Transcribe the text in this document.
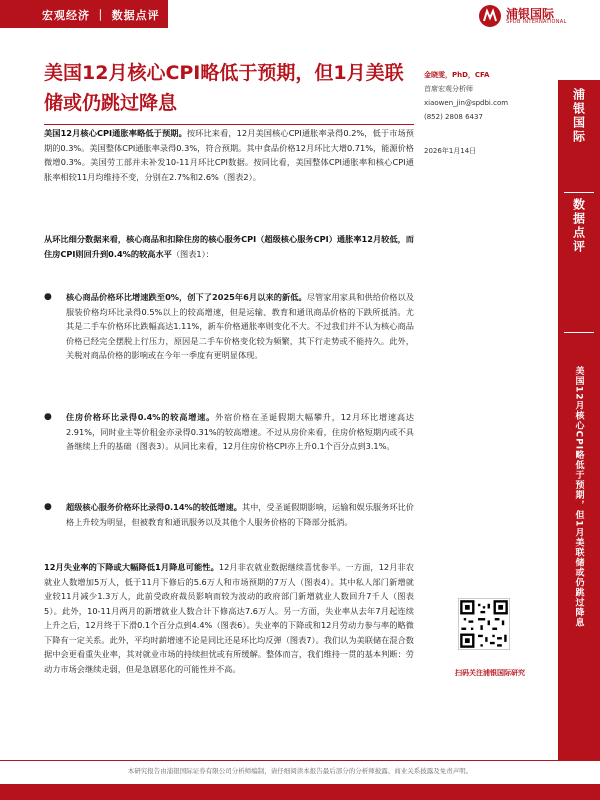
宏观经济 ｜ 数据点评	浦银国际
SPDB INTERNATIONAL
美国12月核心CPI略低于预期，但1月美联储或仍跳过降息
金晓雯，PhD，CFA
首席宏观分析师
xiaowen_jin@spdbi.com
(852) 2808 6437
2026年1月14日
美国12月核心CPI通胀率略低于预期。按环比来看，12月美国核心CPI通胀率录得0.2%，低于市场预期的0.3%。美国整体CPI通胀率录得0.3%，符合预期。其中食品价格12月环比大增0.71%，能源价格微增0.3%。美国劳工部并未补发10-11月环比CPI数据。按同比看，美国整体CPI通胀率和核心CPI通胀率相较11月均维持不变，分别在2.7%和2.6%（图表2）。
从环比细分数据来看，核心商品和扣除住房的核心服务CPI（超级核心服务CPI）通胀率12月较低，而住房CPI则回升到0.4%的较高水平（图表1）：
● 核心商品价格环比增速跌至0%，创下了2025年6月以来的新低。尽管家用家具和供给价格以及服装价格均环比录得0.5%以上的较高增速，但是运输、教育和通讯商品价格的下跌所抵消。尤其是二手车价格环比跌幅高达1.11%，新车价格通胀率则变化不大。不过我们并不认为核心商品价格已经完全摆脱上行压力，原因是二手车价格变化较为频繁，其下行走势或不能持久。此外，关税对商品价格的影响或在今年一季度有更明显体现。
● 住房价格环比录得0.4%的较高增速。外宿价格在圣诞假期大幅攀升，12月环比增速高达2.91%，同时业主等价租金亦录得0.31%的较高增速。不过从房价来看，住房价格短期内或不具备继续上升的基础（图表3）。从同比来看，12月住房价格CPI亦上升0.1个百分点到3.1%。
● 超级核心服务价格环比录得0.14%的较低增速。其中，受圣诞假期影响，运输和娱乐服务环比价格上升较为明显，但被教育和通讯服务以及其他个人服务价格的下降部分抵消。
12月失业率的下降或大幅降低1月降息可能性。12月非农就业数据继续喜忧参半。一方面，12月非农就业人数增加5万人，低于11月下修后的5.6万人和市场预期的7万人（图表4）。其中私人部门新增就业较11月减少1.3万人，此前受政府裁员影响而较为波动的政府部门新增就业人数回升7千人（图表5）。此外，10-11月两月的新增就业人数合计下修高达7.6万人。另一方面，失业率从去年7月起连续上升之后，12月终于下滑0.1个百分点到4.4%（图表6）。失业率的下降或和12月劳动力参与率的略微下降有一定关系。此外，平均时薪增速不论是同比还是环比均反弹（图表7）。我们认为美联储在混合数据中会更看重失业率，其对就业市场的持续担忧或有所缓解。整体而言，我们维持一贯的基本判断：劳动力市场会继续走弱，但是急剧恶化的可能性并不高。
浦银国际
数据点评
美国12月核心CPI略低于预期，但1月美联储或仍跳过降息
扫码关注浦银国际研究
本研究报告由浦银国际证券有限公司分析师编制，请仔细阅读本报告最后部分的分析师披露、商业关系披露及免责声明。
